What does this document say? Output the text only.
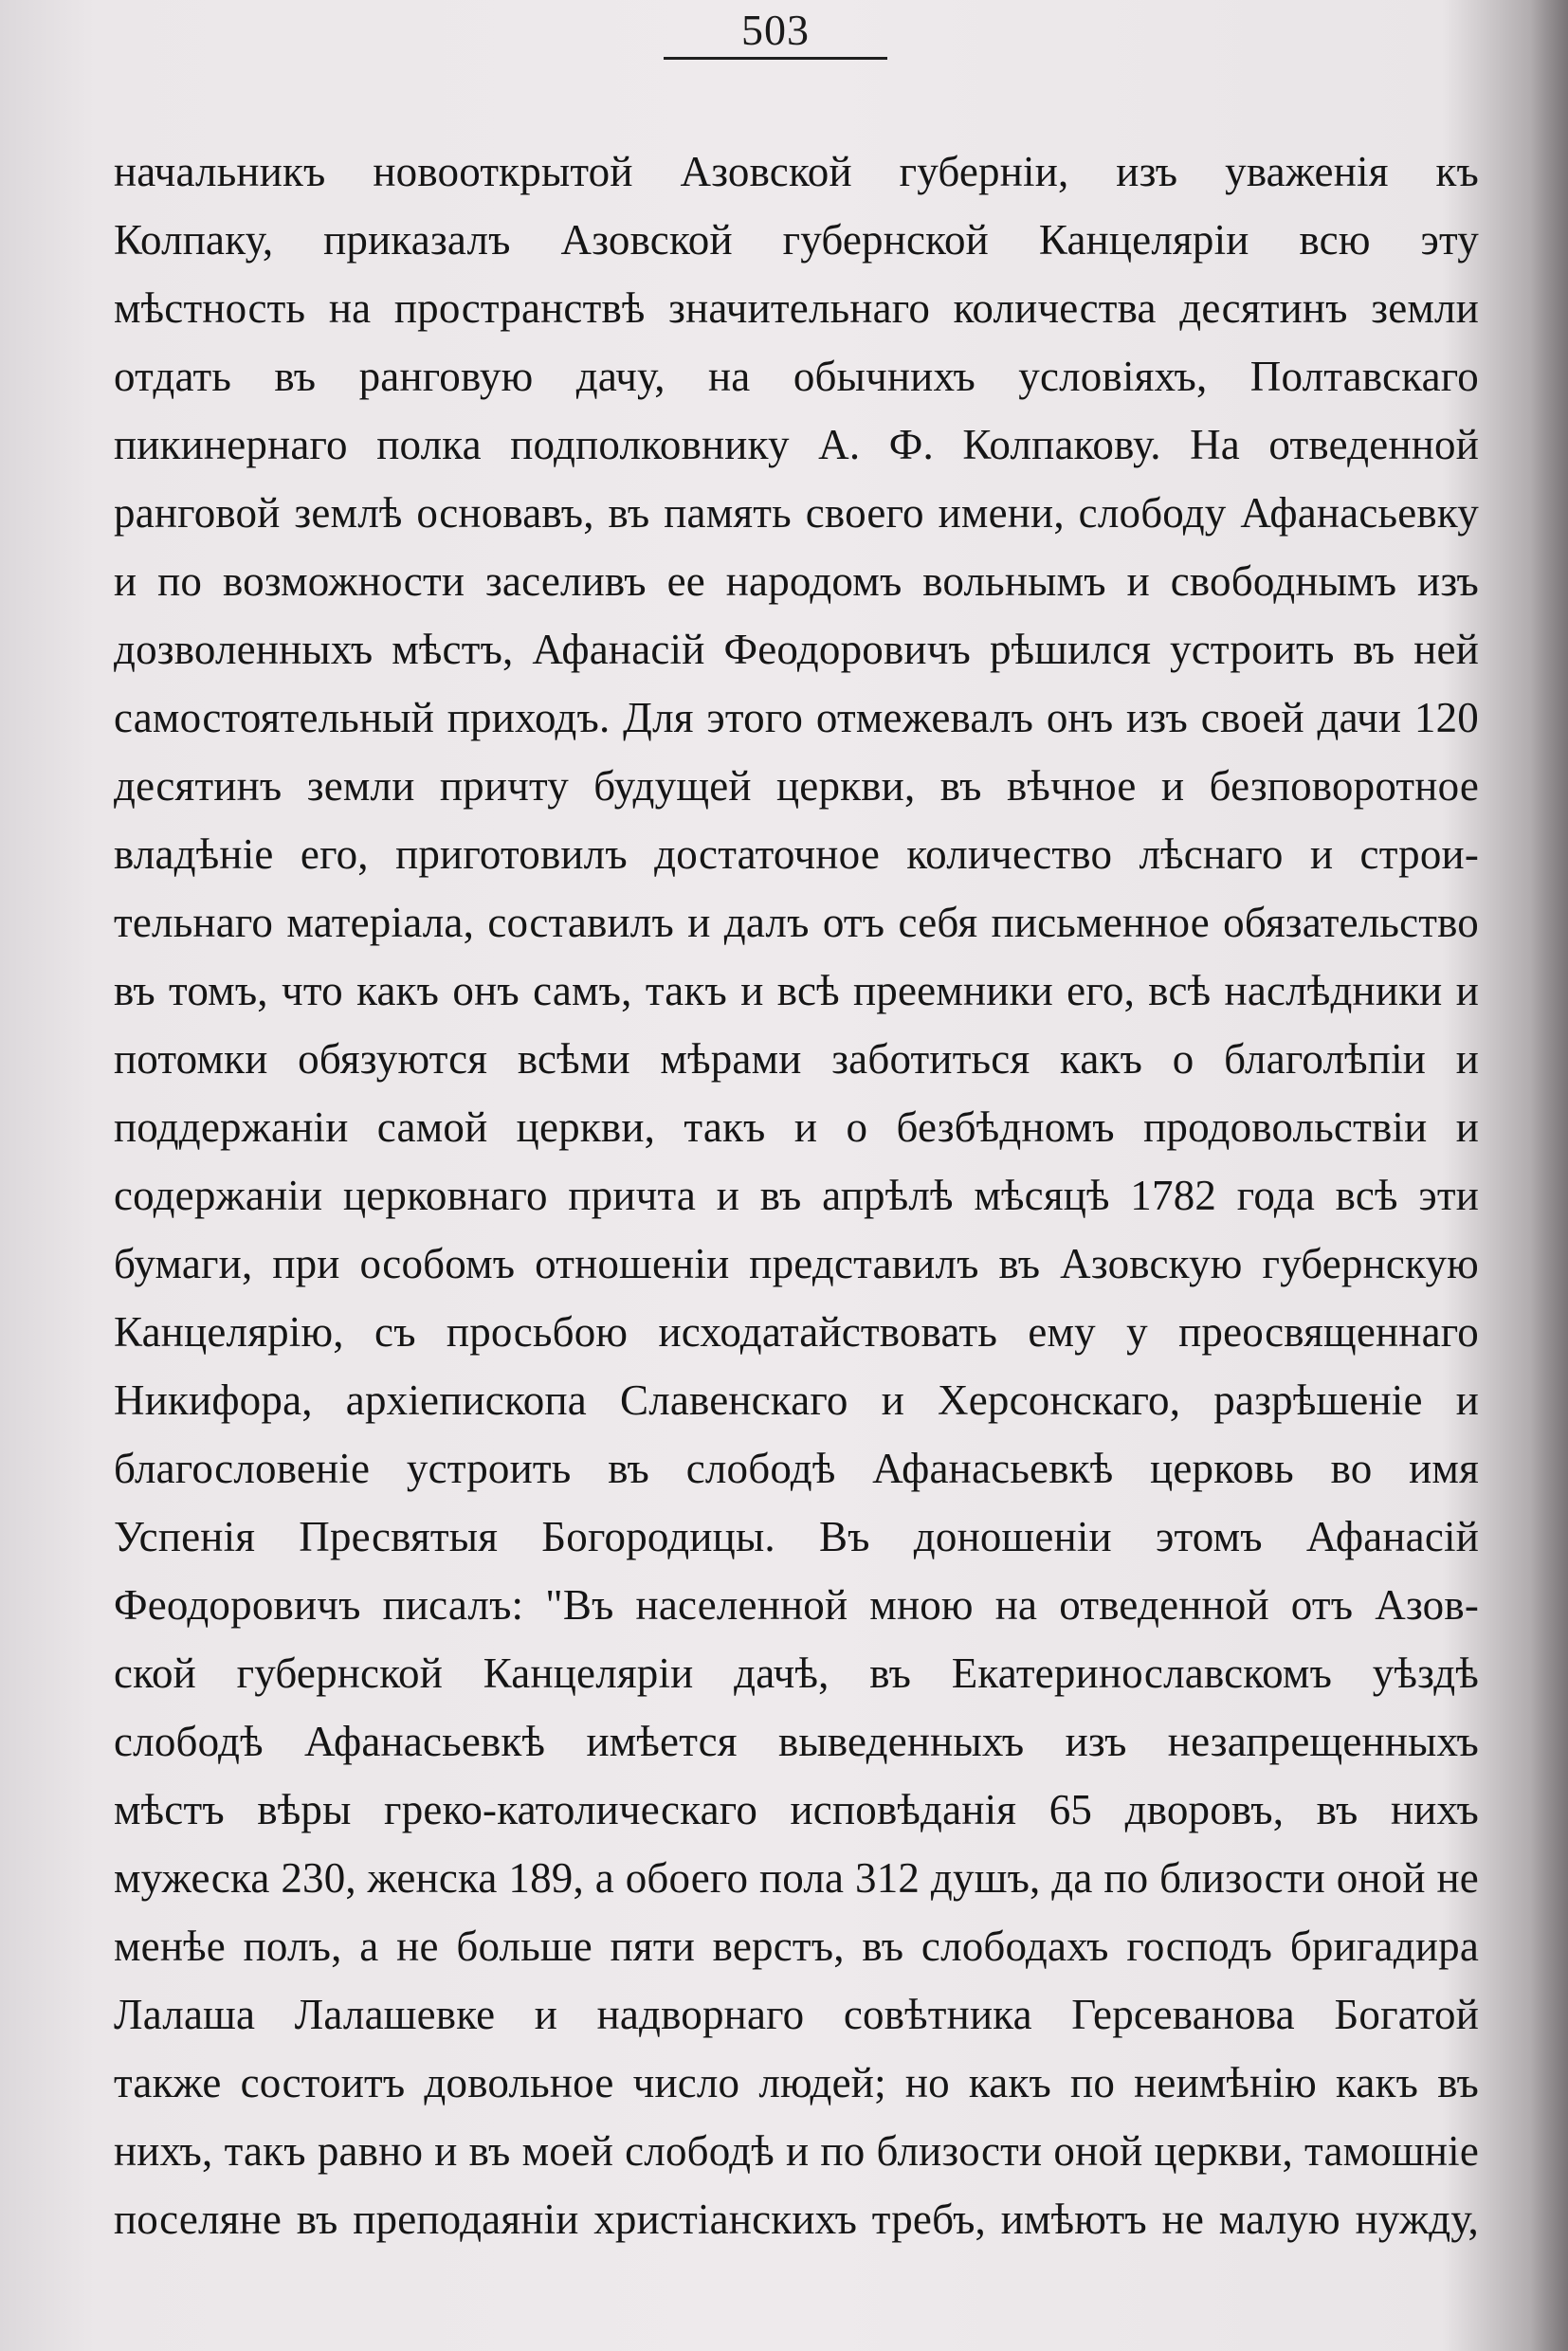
503
начальникъ новооткрытой Азовской губерніи, изъ уваженія къ
Колпаку, приказалъ Азовской губернской Канцеляріи всю эту
мѣстность на пространствѣ значительнаго количества десятинъ земли
отдать въ ранговую дачу, на обычнихъ условіяхъ, Полтавскаго
пикинернаго полка подполковнику А. Ф. Колпакову. На отведенной
ранговой землѣ основавъ, въ память своего имени, слободу Афанасьевку
и по возможности заселивъ ее народомъ вольнымъ и свободнымъ изъ
дозволенныхъ мѣстъ, Афанасій Феодоровичъ рѣшился устроить въ ней
самостоятельный приходъ. Для этого отмежевалъ онъ изъ своей дачи 120
десятинъ земли причту будущей церкви, въ вѣчное и безповоротное
владѣніе его, приготовилъ достаточное количество лѣснаго и строи-
тельнаго матеріала, составилъ и далъ отъ себя письменное обязательство
въ томъ, что какъ онъ самъ, такъ и всѣ преемники его, всѣ наслѣдники и
потомки обязуются всѣми мѣрами заботиться какъ о благолѣпіи и
поддержаніи самой церкви, такъ и о безбѣдномъ продовольствіи и
содержаніи церковнаго причта и въ апрѣлѣ мѣсяцѣ 1782 года всѣ эти
бумаги, при особомъ отношеніи представилъ въ Азовскую губернскую
Канцелярію, съ просьбою исходатайствовать ему у преосвященнаго
Никифора, архіепископа Славенскаго и Херсонскаго, разрѣшеніе и
благословеніе устроить въ слободѣ Афанасьевкѣ церковь во имя
Успенія Пресвятыя Богородицы. Въ доношеніи этомъ Афанасій
Феодоровичъ писалъ: "Въ населенной мною на отведенной отъ Азов-
ской губернской Канцеляріи дачѣ, въ Екатеринославскомъ уѣздѣ
слободѣ Афанасьевкѣ имѣется выведенныхъ изъ незапрещенныхъ
мѣстъ вѣры греко-католическаго исповѣданія 65 дворовъ, въ нихъ
мужеска 230, женска 189, а обоего пола 312 душъ, да по близости оной не
менѣе полъ, а не больше пяти верстъ, въ слободахъ господъ бригадира
Лалаша Лалашевке и надворнаго совѣтника Герсеванова Богатой
также состоитъ довольное число людей; но какъ по неимѣнію какъ въ
нихъ, такъ равно и въ моей слободѣ и по близости оной церкви, тамошніе
поселяне въ преподаяніи христіанскихъ требъ, имѣютъ не малую нужду,
